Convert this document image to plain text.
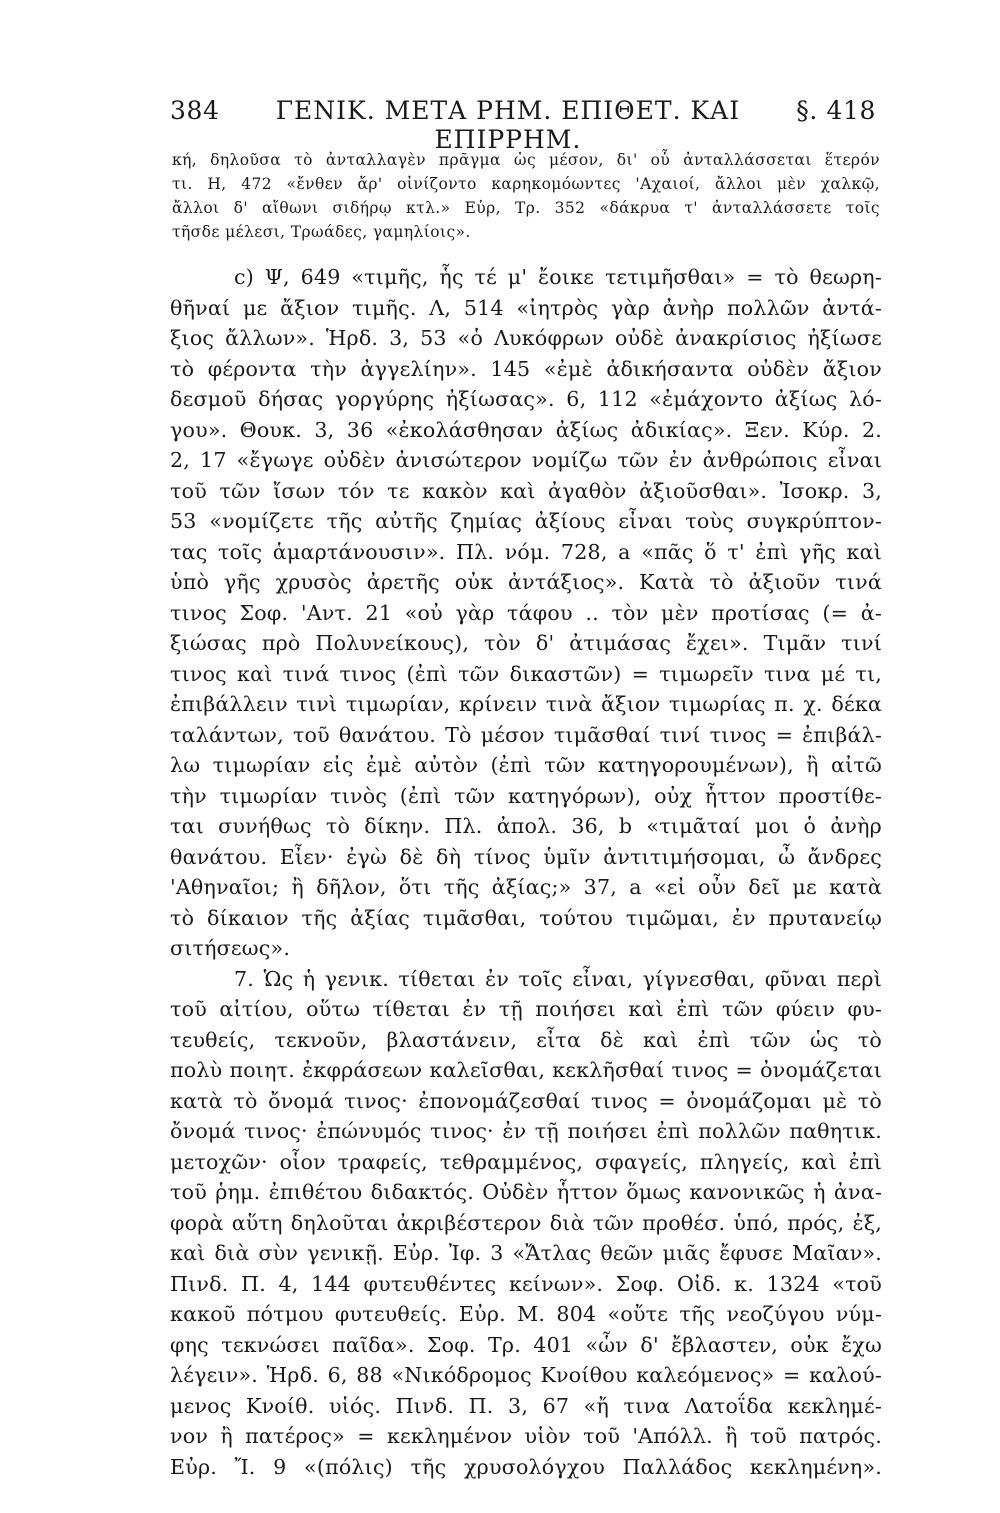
384	ΓΕΝΙΚ. ΜΕΤΑ ΡΗΜ. ΕΠΙΘΕΤ. ΚΑΙ ΕΠΙΡΡΗΜ.
§. 418
κή, δηλοῦσα τὸ ἀνταλλαγὲν πρᾶγμα ὡς μέσον, δι' οὗ ἀνταλλάσσεται ἕτερόν
τι. Η, 472 «ἔνθεν ἄρ' οἰνίζοντο καρηκομόωντες 'Αχαιοί, ἄλλοι μὲν χαλκῷ,
ἄλλοι δ' αἴθωνι σιδήρῳ κτλ.» Εὐρ, Τρ. 352 «δάκρυα τ' ἀνταλλάσσετε τοῖς
τῆσδε μέλεσι, Τρωάδες, γαμηλίοις».
c) Ψ, 649 «τιμῆς, ἧς τέ μ' ἔοικε τετιμῆσθαι» = τὸ θεωρη-
θῆναί με ἄξιον τιμῆς. Λ, 514 «ἰητρὸς γὰρ ἀνὴρ πολλῶν ἀντά-
ξιος ἄλλων». Ἡρδ. 3, 53 «ὁ Λυκόφρων οὐδὲ ἀνακρίσιος ἠξίωσε
τὸ φέροντα τὴν ἀγγελίην». 145 «ἐμὲ ἀδικήσαντα οὐδὲν ἄξιον
δεσμοῦ δήσας γοργύρης ἠξίωσας». 6, 112 «ἐμάχοντο ἀξίως λό-
γου». Θουκ. 3, 36 «ἐκολάσθησαν ἀξίως ἀδικίας». Ξεν. Κύρ. 2.
2, 17 «ἔγωγε οὐδὲν ἀνισώτερον νομίζω τῶν ἐν ἀνθρώποις εἶναι
τοῦ τῶν ἴσων τόν τε κακὸν καὶ ἀγαθὸν ἀξιοῦσθαι». Ἰσοκρ. 3,
53 «νομίζετε τῆς αὐτῆς ζημίας ἀξίους εἶναι τοὺς συγκρύπτον-
τας τοῖς ἁμαρτάνουσιν». Πλ. νόμ. 728, a «πᾶς ὅ τ' ἐπὶ γῆς καὶ
ὑπὸ γῆς χρυσὸς ἀρετῆς οὐκ ἀντάξιος». Κατὰ τὸ ἀξιοῦν τινά
τινος Σοφ. 'Αντ. 21 «οὐ γὰρ τάφου .. τὸν μὲν προτίσας (= ἀ-
ξιώσας πρὸ Πολυνείκους), τὸν δ' ἀτιμάσας ἔχει». Τιμᾶν τινί
τινος καὶ τινά τινος (ἐπὶ τῶν δικαστῶν) = τιμωρεῖν τινα μέ τι,
ἐπιβάλλειν τινὶ τιμωρίαν, κρίνειν τινὰ ἄξιον τιμωρίας π. χ. δέκα
ταλάντων, τοῦ θανάτου. Τὸ μέσον τιμᾶσθαί τινί τινος = ἐπιβάλ-
λω τιμωρίαν εἰς ἐμὲ αὐτὸν (ἐπὶ τῶν κατηγορουμένων), ἢ αἰτῶ
τὴν τιμωρίαν τινὸς (ἐπὶ τῶν κατηγόρων), οὐχ ἧττον προστίθε-
ται συνήθως τὸ δίκην. Πλ. ἀπολ. 36, b «τιμᾶταί μοι ὁ ἀνὴρ
θανάτου. Εἶεν· ἐγὼ δὲ δὴ τίνος ὑμῖν ἀντιτιμήσομαι, ὦ ἄνδρες
'Αθηναῖοι; ἢ δῆλον, ὅτι τῆς ἀξίας;» 37, a «εἰ οὖν δεῖ με κατὰ
τὸ δίκαιον τῆς ἀξίας τιμᾶσθαι, τούτου τιμῶμαι, ἐν πρυτανείῳ
σιτήσεως».
7. Ὡς ἡ γενικ. τίθεται ἐν τοῖς εἶναι, γίγνεσθαι, φῦναι περὶ
τοῦ αἰτίου, οὕτω τίθεται ἐν τῇ ποιήσει καὶ ἐπὶ τῶν φύειν φυ-
τευθείς, τεκνοῦν, βλαστάνειν, εἶτα δὲ καὶ ἐπὶ τῶν ὡς τὸ
πολὺ ποιητ. ἐκφράσεων καλεῖσθαι, κεκλῆσθαί τινος = ὀνομάζεται
κατὰ τὸ ὄνομά τινος· ἐπονομάζεσθαί τινος = ὀνομάζομαι μὲ τὸ
ὄνομά τινος· ἐπώνυμός τινος· ἐν τῇ ποιήσει ἐπὶ πολλῶν παθητικ.
μετοχῶν· οἷον τραφείς, τεθραμμένος, σφαγείς, πληγείς, καὶ ἐπὶ
τοῦ ῥημ. ἐπιθέτου διδακτός. Οὐδὲν ἧττον ὅμως κανονικῶς ἡ ἀνα-
φορὰ αὕτη δηλοῦται ἀκριβέστερον διὰ τῶν προθέσ. ὑπό, πρός, ἐξ,
καὶ διὰ σὺν γενικῇ. Εὐρ. Ἰφ. 3 «Ἄτλας θεῶν μιᾶς ἔφυσε Μαῖαν».
Πινδ. Π. 4, 144 φυτευθέντες κείνων». Σοφ. Οἰδ. κ. 1324 «τοῦ
κακοῦ πότμου φυτευθείς. Εὐρ. Μ. 804 «οὔτε τῆς νεοζύγου νύμ-
φης τεκνώσει παῖδα». Σοφ. Τρ. 401 «ὧν δ' ἔβλαστεν, οὐκ ἔχω
λέγειν». Ἡρδ. 6, 88 «Νικόδρομος Κνοίθου καλεόμενος» = καλού-
μενος Κνοίθ. υἱός. Πινδ. Π. 3, 67 «ἤ τινα Λατοΐδα κεκλημέ-
νον ἢ πατέρος» = κεκλημένον υἱὸν τοῦ 'Απόλλ. ἢ τοῦ πατρός.
Εὐρ. Ἴ. 9 «(πόλις) τῆς χρυσολόγχου Παλλάδος κεκλημένη».
